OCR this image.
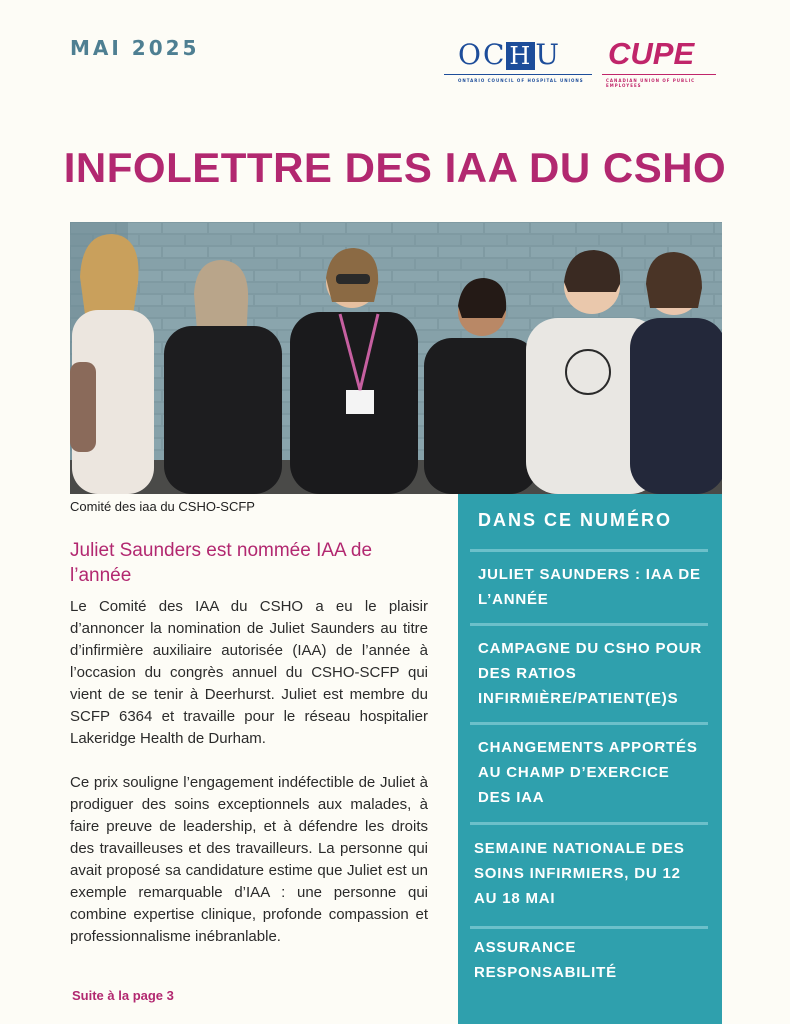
MAI 2025	OC H U
ONTARIO COUNCIL OF HOSPITAL UNIONS
CUPE
CANADIAN UNION OF PUBLIC EMPLOYEES
INFOLETTRE DES IAA DU CSHO
Comité des iaa du CSHO-SCFP
Juliet Saunders est nommée IAA de l’année

Le Comité des IAA du CSHO a eu le plaisir d’annoncer la nomination de Juliet Saunders au titre d’infirmière auxiliaire autorisée (IAA) de l’année à l’occasion du congrès annuel du CSHO-SCFP qui vient de se tenir à Deerhurst. Juliet est membre du SCFP 6364 et travaille pour le réseau hospitalier Lakeridge Health de Durham.

Ce prix souligne l’engagement indéfectible de Juliet à prodiguer des soins exceptionnels aux malades, à faire preuve de leadership, et à défendre les droits des travailleuses et des travailleurs. La personne qui avait proposé sa candidature estime que Juliet est un exemple remarquable d’IAA : une personne qui combine expertise clinique, profonde compassion et professionnalisme inébranlable.

Suite à la page 3
DANS CE NUMÉRO
JULIET SAUNDERS : IAA DE L’ANNÉE
CAMPAGNE DU CSHO POUR DES RATIOS INFIRMIÈRE/PATIENT(E)S
CHANGEMENTS APPORTÉS AU CHAMP D’EXERCICE DES IAA
SEMAINE NATIONALE DES SOINS INFIRMIERS, DU 12 AU 18 MAI
ASSURANCE RESPONSABILITÉ
